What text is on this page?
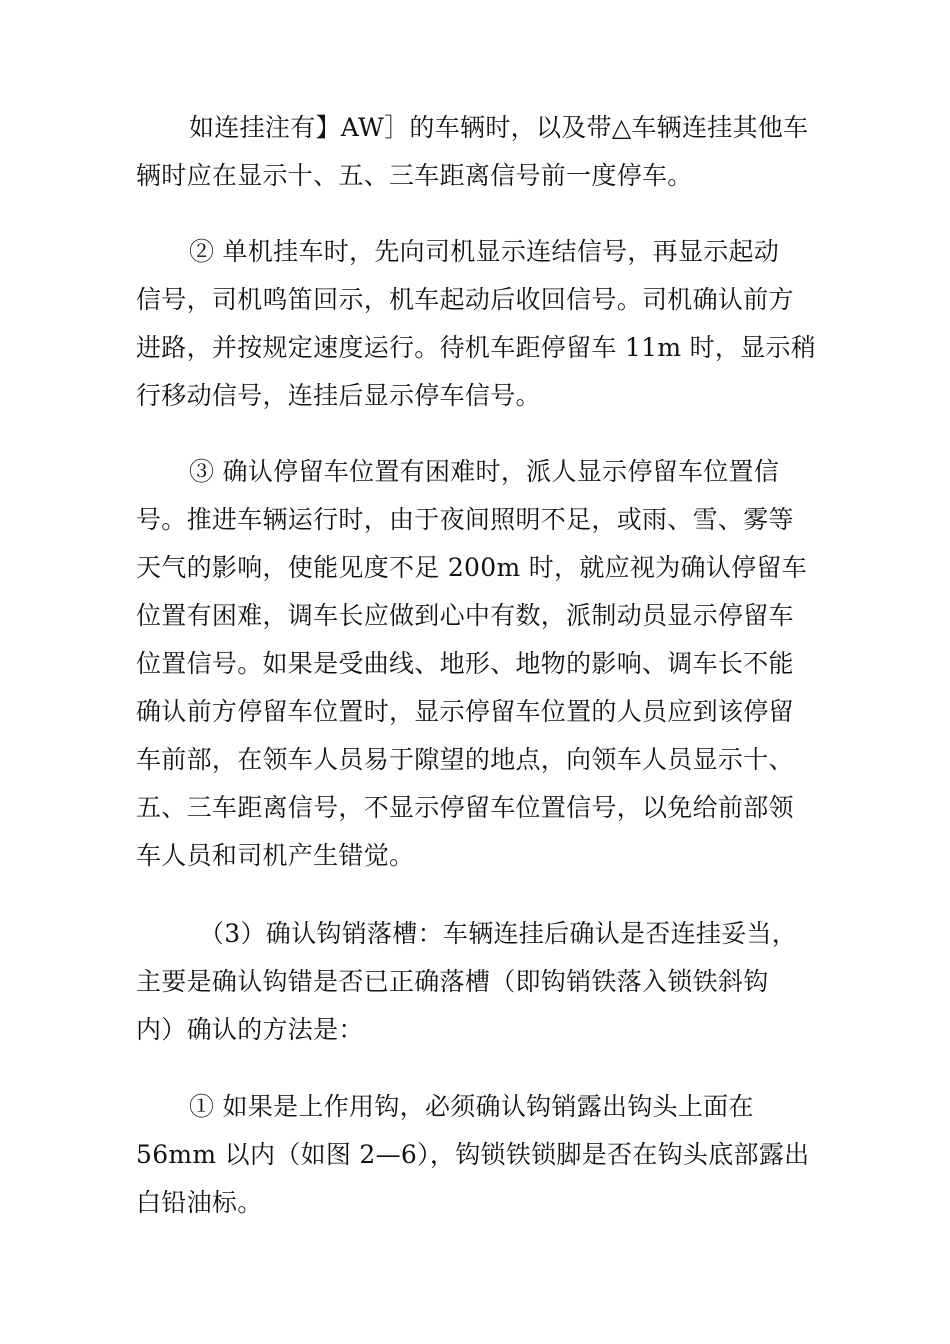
如连挂注有】AW］的车辆时，以及带△车辆连挂其他车
辆时应在显示十、五、三车距离信号前一度停车。
② 单机挂车时，先向司机显示连结信号，再显示起动
信号，司机鸣笛回示，机车起动后收回信号。司机确认前方
进路，并按规定速度运行。待机车距停留车 11m 时，显示稍
行移动信号，连挂后显示停车信号。
③ 确认停留车位置有困难时，派人显示停留车位置信
号。推进车辆运行时，由于夜间照明不足，或雨、雪、雾等
天气的影响，使能见度不足 200m 时，就应视为确认停留车
位置有困难，调车长应做到心中有数，派制动员显示停留车
位置信号。如果是受曲线、地形、地物的影响、调车长不能
确认前方停留车位置时，显示停留车位置的人员应到该停留
车前部，在领车人员易于隙望的地点，向领车人员显示十、
五、三车距离信号，不显示停留车位置信号，以免给前部领
车人员和司机产生错觉。
（3）确认钩销落槽：车辆连挂后确认是否连挂妥当，
主要是确认钩错是否已正确落槽（即钩销铁落入锁铁斜钩
内）确认的方法是：
① 如果是上作用钩，必须确认钩销露出钩头上面在
56mm 以内（如图 2—6），钩锁铁锁脚是否在钩头底部露出
白铅油标。
